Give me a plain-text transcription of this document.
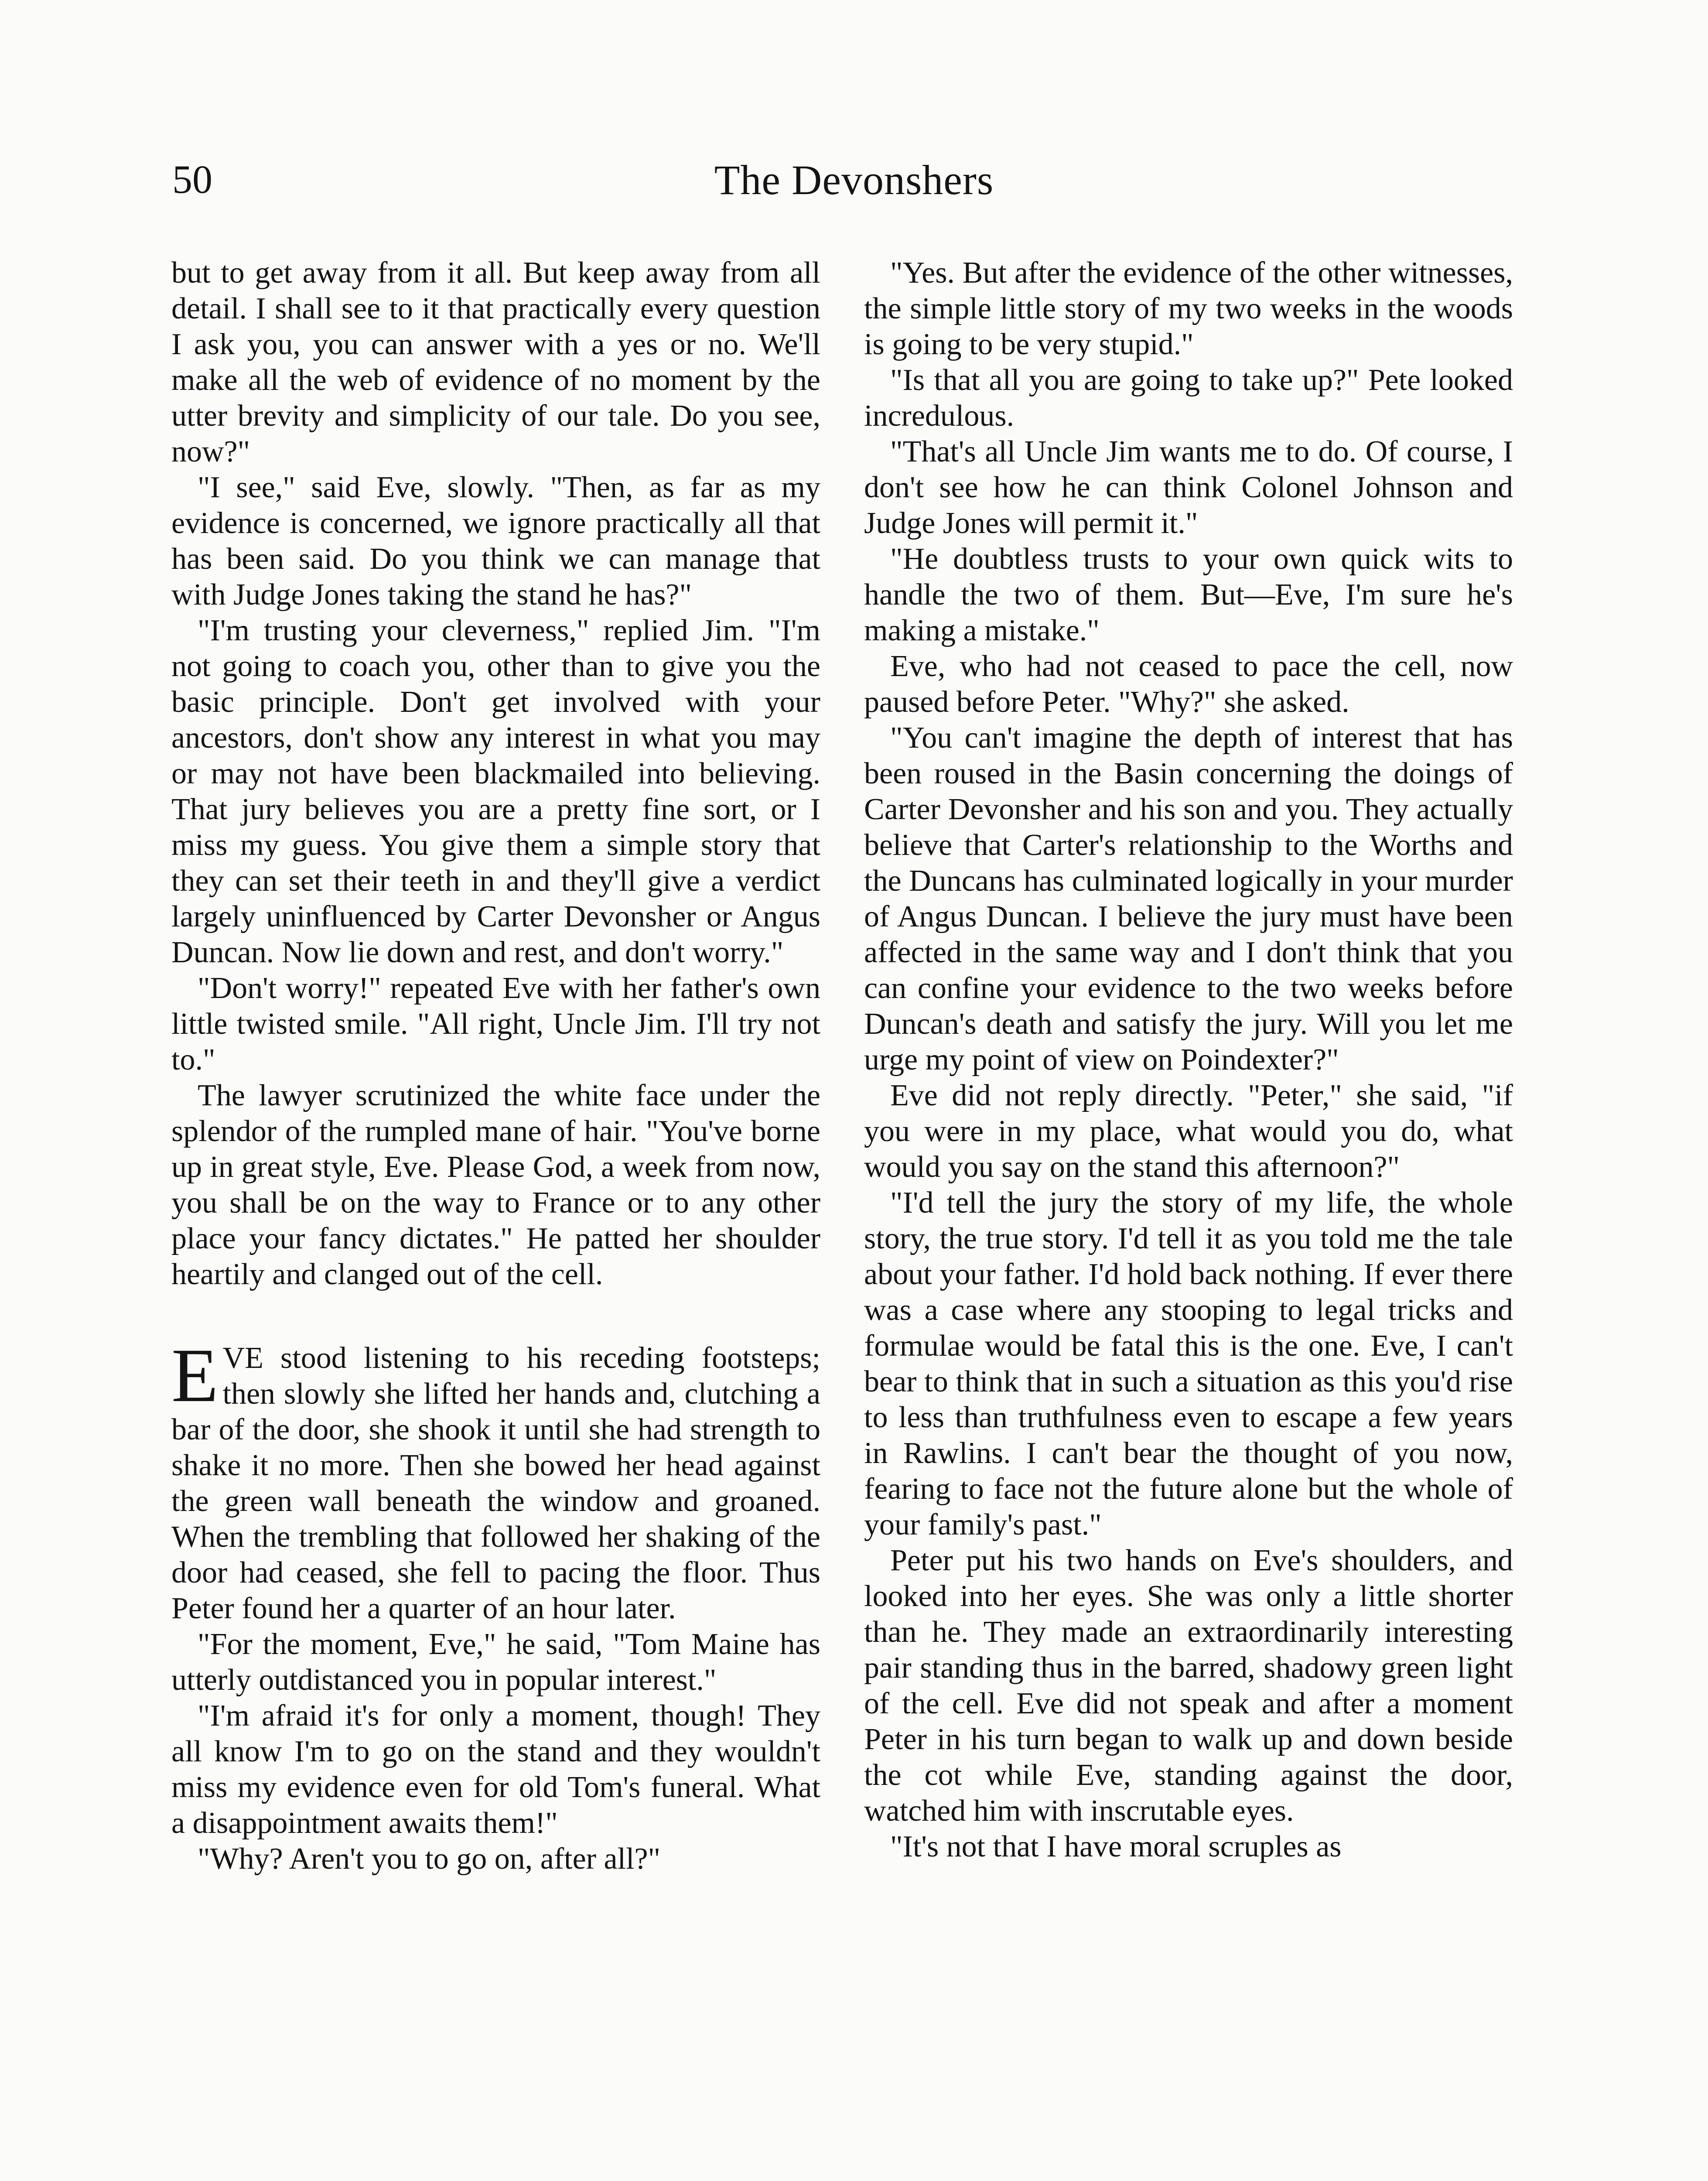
50	The Devonshers

but to get away from it all. But keep away from all detail. I shall see to it that practically every question I ask you, you can answer with a yes or no. We'll make all the web of evidence of no moment by the utter brevity and simplicity of our tale. Do you see, now?"

"I see," said Eve, slowly. "Then, as far as my evidence is concerned, we ignore practically all that has been said. Do you think we can manage that with Judge Jones taking the stand he has?"

"I'm trusting your cleverness," replied Jim. "I'm not going to coach you, other than to give you the basic principle. Don't get involved with your ancestors, don't show any interest in what you may or may not have been blackmailed into believing. That jury believes you are a pretty fine sort, or I miss my guess. You give them a simple story that they can set their teeth in and they'll give a verdict largely uninfluenced by Carter Devonsher or Angus Duncan. Now lie down and rest, and don't worry."

"Don't worry!" repeated Eve with her father's own little twisted smile. "All right, Uncle Jim. I'll try not to."

The lawyer scrutinized the white face under the splendor of the rumpled mane of hair. "You've borne up in great style, Eve. Please God, a week from now, you shall be on the way to France or to any other place your fancy dictates." He patted her shoulder heartily and clanged out of the cell.

EVE stood listening to his receding footsteps; then slowly she lifted her hands and, clutching a bar of the door, she shook it until she had strength to shake it no more. Then she bowed her head against the green wall beneath the window and groaned. When the trembling that followed her shaking of the door had ceased, she fell to pacing the floor. Thus Peter found her a quarter of an hour later.

"For the moment, Eve," he said, "Tom Maine has utterly outdistanced you in popular interest."

"I'm afraid it's for only a moment, though! They all know I'm to go on the stand and they wouldn't miss my evidence even for old Tom's funeral. What a disappointment awaits them!"

"Why? Aren't you to go on, after all?"

"Yes. But after the evidence of the other witnesses, the simple little story of my two weeks in the woods is going to be very stupid."

"Is that all you are going to take up?" Pete looked incredulous.

"That's all Uncle Jim wants me to do. Of course, I don't see how he can think Colonel Johnson and Judge Jones will permit it."

"He doubtless trusts to your own quick wits to handle the two of them. But—Eve, I'm sure he's making a mistake."

Eve, who had not ceased to pace the cell, now paused before Peter. "Why?" she asked.

"You can't imagine the depth of interest that has been roused in the Basin concerning the doings of Carter Devonsher and his son and you. They actually believe that Carter's relationship to the Worths and the Duncans has culminated logically in your murder of Angus Duncan. I believe the jury must have been affected in the same way and I don't think that you can confine your evidence to the two weeks before Duncan's death and satisfy the jury. Will you let me urge my point of view on Poindexter?"

Eve did not reply directly. "Peter," she said, "if you were in my place, what would you do, what would you say on the stand this afternoon?"

"I'd tell the jury the story of my life, the whole story, the true story. I'd tell it as you told me the tale about your father. I'd hold back nothing. If ever there was a case where any stooping to legal tricks and formulae would be fatal this is the one. Eve, I can't bear to think that in such a situation as this you'd rise to less than truthfulness even to escape a few years in Rawlins. I can't bear the thought of you now, fearing to face not the future alone but the whole of your family's past."

Peter put his two hands on Eve's shoulders, and looked into her eyes. She was only a little shorter than he. They made an extraordinarily interesting pair standing thus in the barred, shadowy green light of the cell. Eve did not speak and after a moment Peter in his turn began to walk up and down beside the cot while Eve, standing against the door, watched him with inscrutable eyes.

"It's not that I have moral scruples as
